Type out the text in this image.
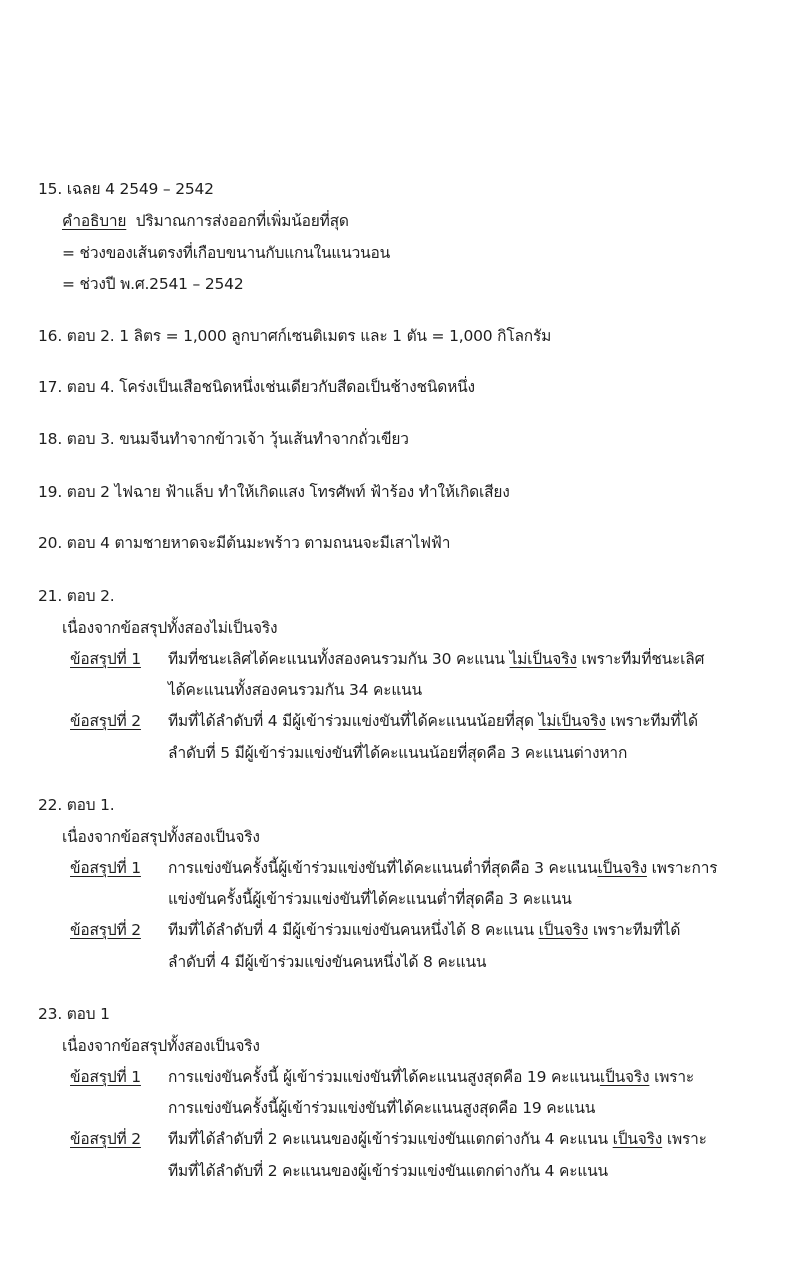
15. เฉลย 4 2549 – 2542
คำอธิบาย ปริมาณการส่งออกที่เพิ่มน้อยที่สุด
= ช่วงของเส้นตรงที่เกือบขนานกับแกนในแนวนอน
= ช่วงปี พ.ศ.2541 – 2542
16. ตอบ 2. 1 ลิตร = 1,000 ลูกบาศก์เซนติเมตร และ 1 ตัน = 1,000 กิโลกรัม
17. ตอบ 4. โคร่งเป็นเสือชนิดหนึ่งเช่นเดียวกับสีดอเป็นช้างชนิดหนึ่ง
18. ตอบ 3. ขนมจีนทำจากข้าวเจ้า วุ้นเส้นทำจากถั่วเขียว
19. ตอบ 2 ไฟฉาย ฟ้าแล็บ ทำให้เกิดแสง โทรศัพท์ ฟ้าร้อง ทำให้เกิดเสียง
20. ตอบ 4 ตามชายหาดจะมีต้นมะพร้าว ตามถนนจะมีเสาไฟฟ้า
21. ตอบ 2.
เนื่องจากข้อสรุปทั้งสองไม่เป็นจริง
ข้อสรุปที่ 1 ทีมที่ชนะเลิศได้คะแนนทั้งสองคนรวมกัน 30 คะแนน ไม่เป็นจริง เพราะทีมที่ชนะเลิศ
ได้คะแนนทั้งสองคนรวมกัน 34 คะแนน
ข้อสรุปที่ 2 ทีมที่ได้ลำดับที่ 4 มีผู้เข้าร่วมแข่งขันที่ได้คะแนนน้อยที่สุด ไม่เป็นจริง เพราะทีมที่ได้
ลำดับที่ 5 มีผู้เข้าร่วมแข่งขันที่ได้คะแนนน้อยที่สุดคือ 3 คะแนนต่างหาก
22. ตอบ 1.
เนื่องจากข้อสรุปทั้งสองเป็นจริง
ข้อสรุปที่ 1 การแข่งขันครั้งนี้ผู้เข้าร่วมแข่งขันที่ได้คะแนนต่ำที่สุดคือ 3 คะแนนเป็นจริง เพราะการ
แข่งขันครั้งนี้ผู้เข้าร่วมแข่งขันที่ได้คะแนนต่ำที่สุดคือ 3 คะแนน
ข้อสรุปที่ 2 ทีมที่ได้ลำดับที่ 4 มีผู้เข้าร่วมแข่งขันคนหนึ่งได้ 8 คะแนน เป็นจริง เพราะทีมที่ได้
ลำดับที่ 4 มีผู้เข้าร่วมแข่งขันคนหนึ่งได้ 8 คะแนน
23. ตอบ 1
เนื่องจากข้อสรุปทั้งสองเป็นจริง
ข้อสรุปที่ 1 การแข่งขันครั้งนี้ ผู้เข้าร่วมแข่งขันที่ได้คะแนนสูงสุดคือ 19 คะแนนเป็นจริง เพราะ
การแข่งขันครั้งนี้ผู้เข้าร่วมแข่งขันที่ได้คะแนนสูงสุดคือ 19 คะแนน
ข้อสรุปที่ 2 ทีมที่ได้ลำดับที่ 2 คะแนนของผู้เข้าร่วมแข่งขันแตกต่างกัน 4 คะแนน เป็นจริง เพราะ
ทีมที่ได้ลำดับที่ 2 คะแนนของผู้เข้าร่วมแข่งขันแตกต่างกัน 4 คะแนน
